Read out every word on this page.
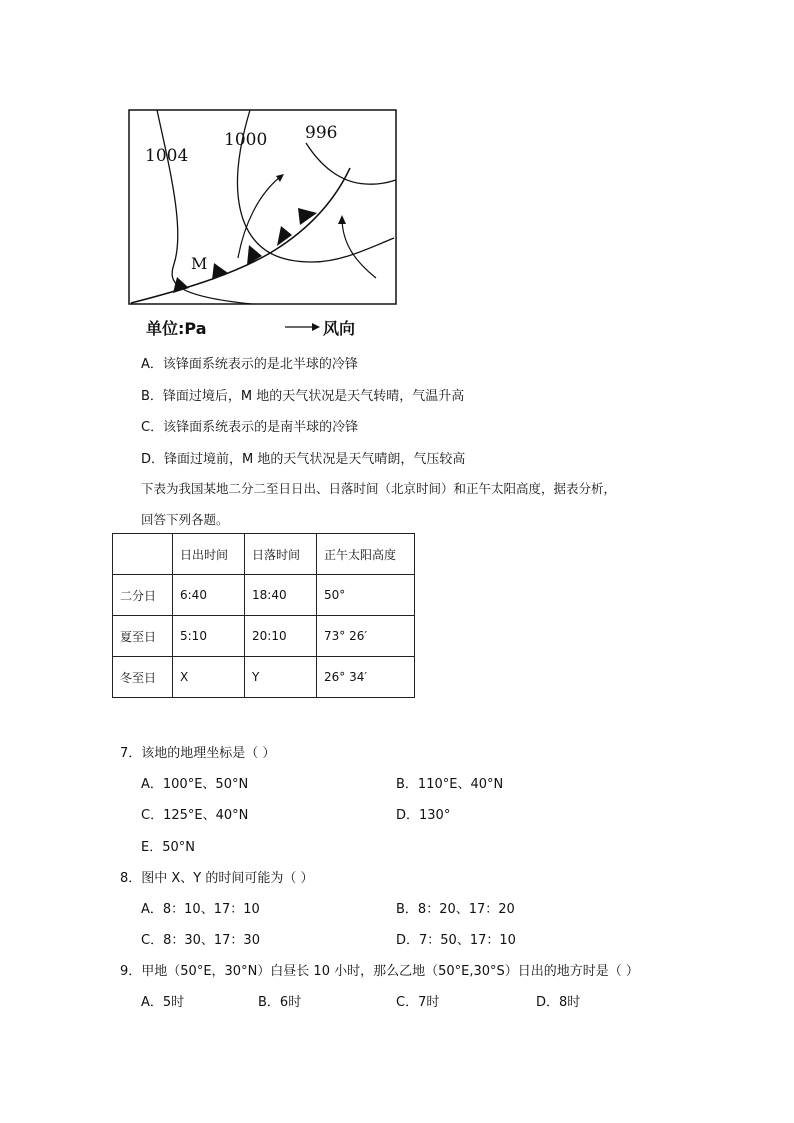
1004
1000 996
M
单位:Pa	风向
A．该锋面系统表示的是北半球的冷锋
B．锋面过境后，M 地的天气状况是天气转晴，气温升高
C．该锋面系统表示的是南半球的冷锋
D．锋面过境前，M 地的天气状况是天气晴朗，气压较高
下表为我国某地二分二至日日出、日落时间（北京时间）和正午太阳高度，据表分析，
回答下列各题。
	日出时间	日落时间	正午太阳高度
二分日	6:40	18:40	50°
夏至日	5:10	20:10	73° 26′
冬至日	X	Y	26° 34′
7．该地的地理坐标是（ ）
A．100°E、50°N	B．110°E、40°N
C．125°E、40°N	D．130°
E．50°N
8．图中 X、Y 的时间可能为（ ）
A．8：10、17：10	B．8：20、17：20
C．8：30、17：30	D．7：50、17：10
9．甲地（50°E，30°N）白昼长 10 小时，那么乙地（50°E,30°S）日出的地方时是（ ）
A．5时	B．6时	C．7时	D．8时
